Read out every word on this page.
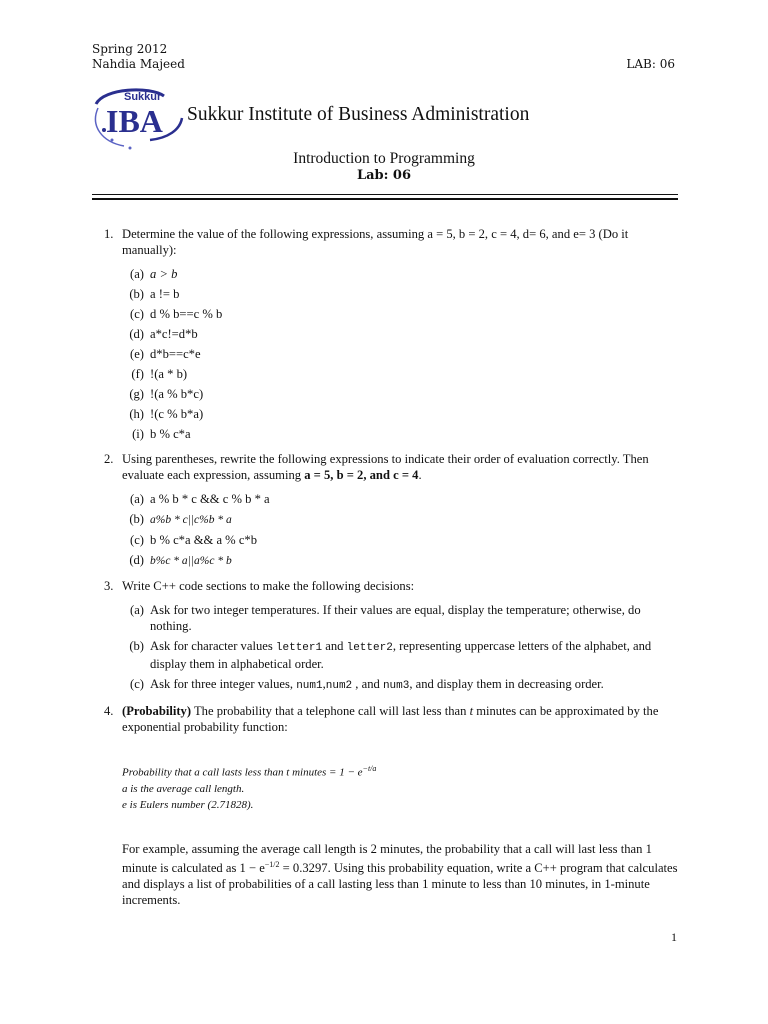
Spring 2012
Nahdia Majeed	LAB: 06
Sukkur
IBA Sukkur Institute of Business Administration
Introduction to Programming
Lab: 06
1. Determine the value of the following expressions, assuming a = 5, b = 2, c = 4, d= 6, and e= 3 (Do it manually):
(a) a > b
(b) a != b
(c) d % b==c % b
(d) a*c!=d*b
(e) d*b==c*e
(f) !(a * b)
(g) !(a % b*c)
(h) !(c % b*a)
(i) b % c*a
2. Using parentheses, rewrite the following expressions to indicate their order of evaluation correctly. Then evaluate each expression, assuming a = 5, b = 2, and c = 4.
(a) a % b * c && c % b * a
(b) a%b * c||c%b * a
(c) b % c*a && a % c*b
(d) b%c * a||a%c * b
3. Write C++ code sections to make the following decisions:
(a) Ask for two integer temperatures. If their values are equal, display the temperature; otherwise, do nothing.
(b) Ask for character values letter1 and letter2, representing uppercase letters of the alphabet, and display them in alphabetical order.
(c) Ask for three integer values, num1,num2 , and num3, and display them in decreasing order.
4. (Probability) The probability that a telephone call will last less than t minutes can be approximated by the exponential probability function:
Probability that a call lasts less than t minutes = $1 - e^{-t/a}$
a is the average call length.
e is Eulers number (2.71828).
For example, assuming the average call length is 2 minutes, the probability that a call will last less than 1 minute is calculated as $1 - e^{-1/2} = 0.3297$. Using this probability equation, write a C++ program that calculates and displays a list of probabilities of a call lasting less than 1 minute to less than 10 minutes, in 1-minute increments.
1
